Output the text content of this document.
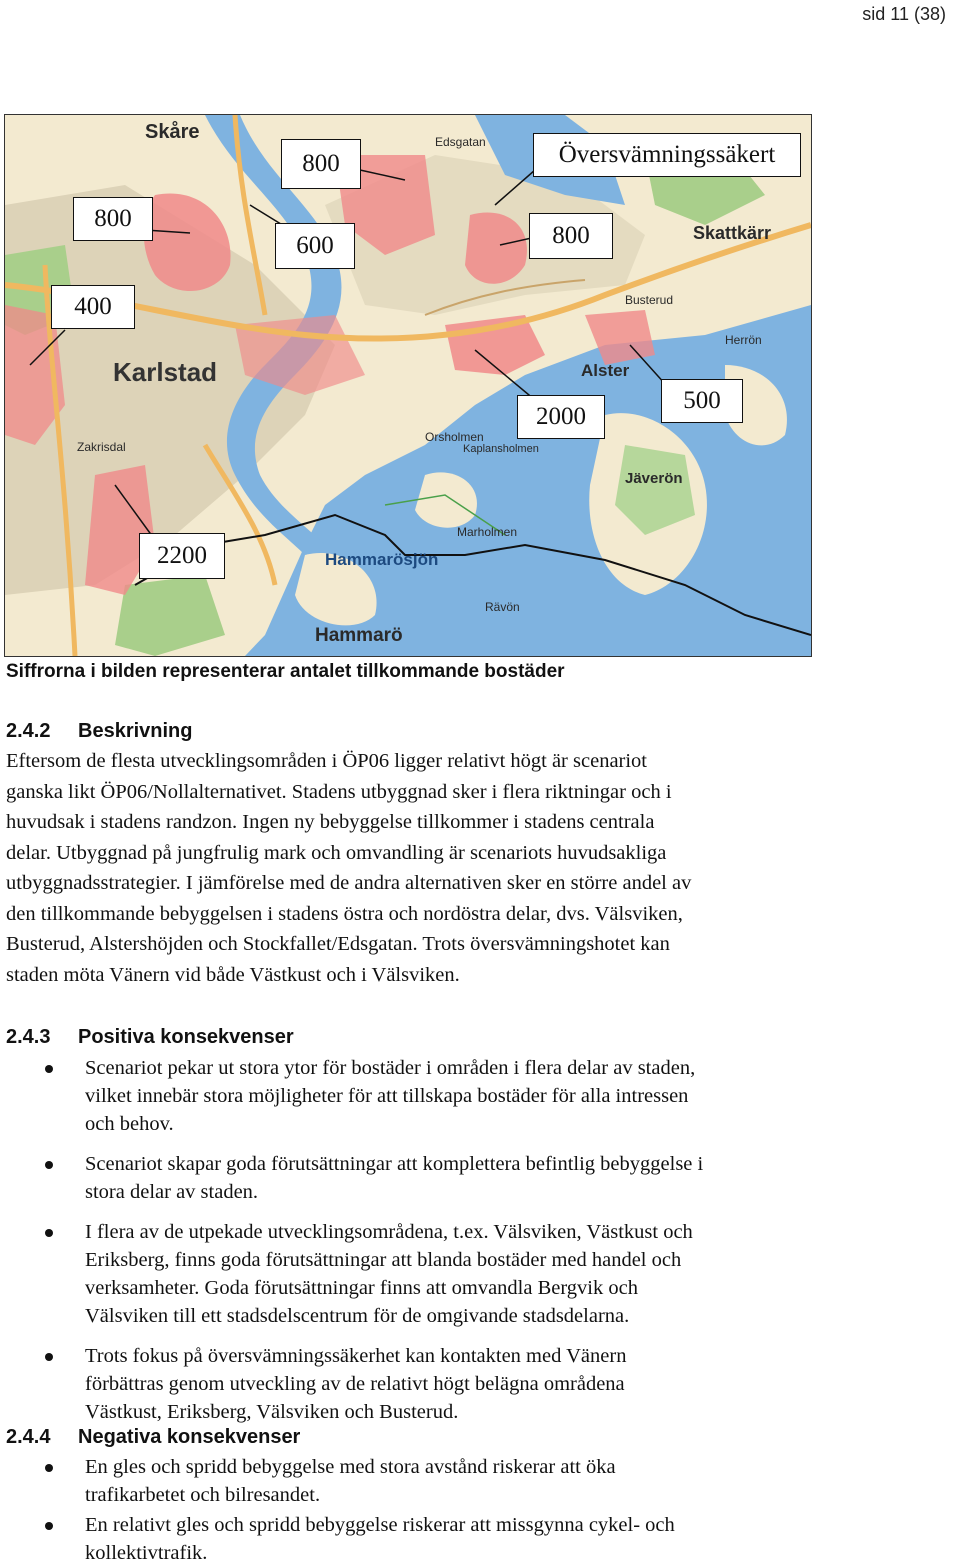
sid 11 (38)
Skåre
Karlstad	Alster
Skattkärr
Hammarö
Hammarösjön
Jäverön
Edsgatan
Busterud
Herrön
Zakrisdal
Orsholmen
Kaplansholmen
Marholmen
Rävön
800
800
600
400
Översvämningssäkert
800
2000
500
2200
Siffrorna i bilden representerar antalet tillkommande bostäder
2.4.2	Beskrivning

Eftersom de flesta utvecklingsområden i ÖP06 ligger relativt högt är scenariot

ganska likt ÖP06/Nollalternativet. Stadens utbyggnad sker i flera riktningar och i

huvudsak i stadens randzon. Ingen ny bebyggelse tillkommer i stadens centrala

delar. Utbyggnad på jungfrulig mark och omvandling är scenariots huvudsakliga

utbyggnadsstrategier. I jämförelse med de andra alternativen sker en större andel av

den tillkommande bebyggelsen i stadens östra och nordöstra delar, dvs. Välsviken,

Busterud, Alstershöjden och Stockfallet/Edsgatan. Trots översvämningshotet kan

staden möta Vänern vid både Västkust och i Välsviken.

2.4.3	Positiva konsekvenser
Scenariot pekar ut stora ytor för bostäder i områden i flera delar av staden,
vilket innebär stora möjligheter för att tillskapa bostäder för alla intressen
och behov.
Scenariot skapar goda förutsättningar att komplettera befintlig bebyggelse i
stora delar av staden.
I flera av de utpekade utvecklingsområdena, t.ex. Välsviken, Västkust och
Eriksberg, finns goda förutsättningar att blanda bostäder med handel och
verksamheter. Goda förutsättningar finns att omvandla Bergvik och
Välsviken till ett stadsdelscentrum för de omgivande stadsdelarna.
Trots fokus på översvämningssäkerhet kan kontakten med Vänern
förbättras genom utveckling av de relativt högt belägna områdena
Västkust, Eriksberg, Välsviken och Busterud.
2.4.4	Negativa konsekvenser
En gles och spridd bebyggelse med stora avstånd riskerar att öka
trafikarbetet och bilresandet.
En relativt gles och spridd bebyggelse riskerar att missgynna cykel- och
kollektivtrafik.
